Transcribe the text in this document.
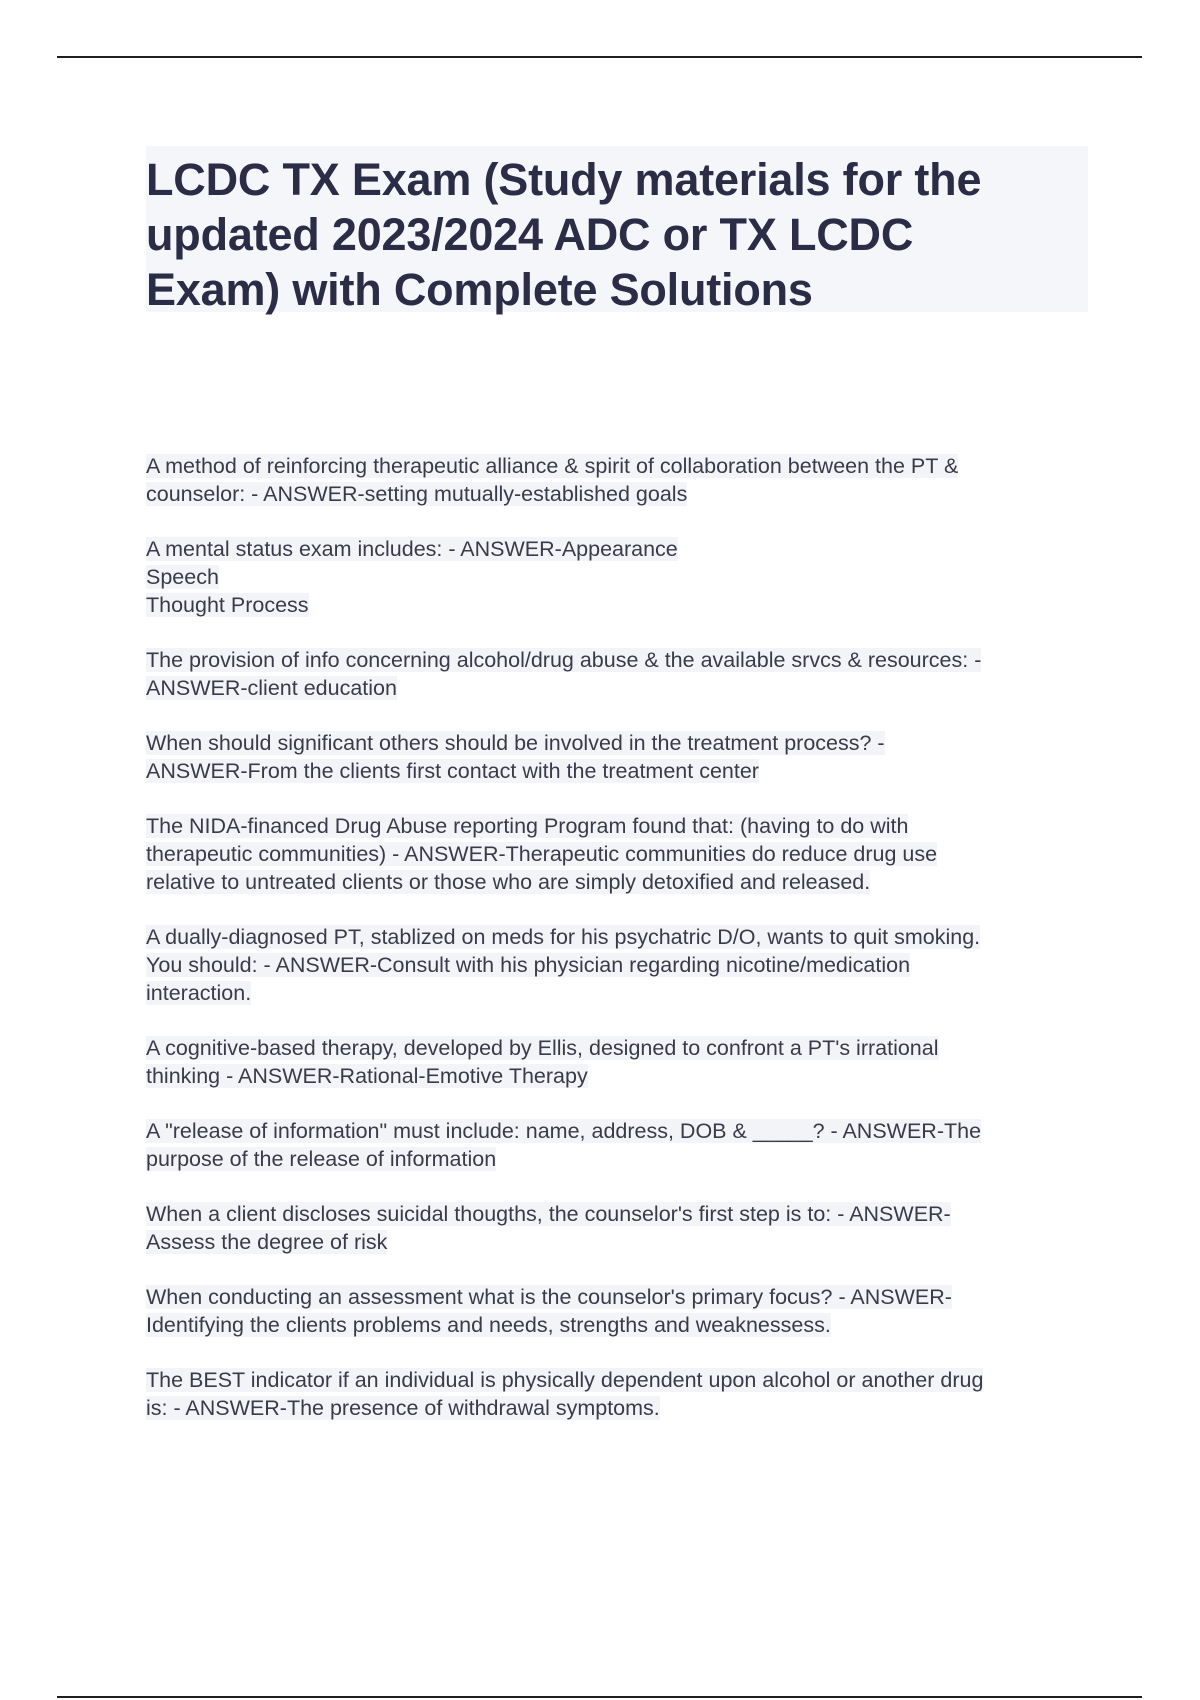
LCDC TX Exam (Study materials for the
updated 2023/2024 ADC or TX LCDC
Exam) with Complete Solutions

A method of reinforcing therapeutic alliance & spirit of collaboration between the PT &
counselor: - ANSWER-setting mutually-established goals

A mental status exam includes: - ANSWER-Appearance
Speech
Thought Process

The provision of info concerning alcohol/drug abuse & the available srvcs & resources: -
ANSWER-client education

When should significant others should be involved in the treatment process? -
ANSWER-From the clients first contact with the treatment center

The NIDA-financed Drug Abuse reporting Program found that: (having to do with
therapeutic communities) - ANSWER-Therapeutic communities do reduce drug use
relative to untreated clients or those who are simply detoxified and released.

A dually-diagnosed PT, stablized on meds for his psychatric D/O, wants to quit smoking.
You should: - ANSWER-Consult with his physician regarding nicotine/medication
interaction.

A cognitive-based therapy, developed by Ellis, designed to confront a PT's irrational
thinking - ANSWER-Rational-Emotive Therapy

A "release of information" must include: name, address, DOB & _____? - ANSWER-The
purpose of the release of information

When a client discloses suicidal thougths, the counselor's first step is to: - ANSWER-
Assess the degree of risk

When conducting an assessment what is the counselor's primary focus? - ANSWER-
Identifying the clients problems and needs, strengths and weaknessess.

The BEST indicator if an individual is physically dependent upon alcohol or another drug
is: - ANSWER-The presence of withdrawal symptoms.
